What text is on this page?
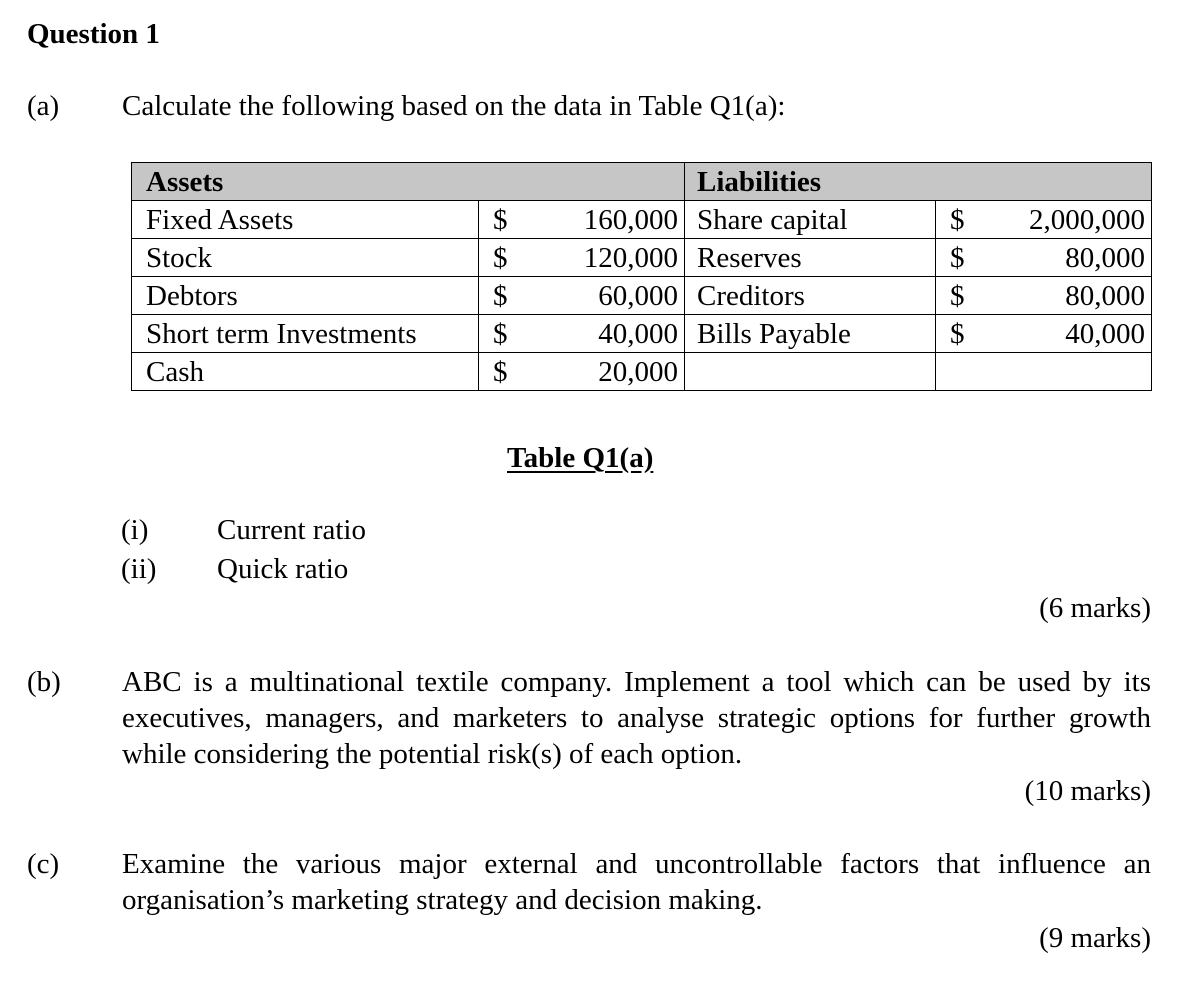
Question 1
(a) Calculate the following based on the data in Table Q1(a):
Assets		Liabilities	
Fixed Assets	$ 160,000	Share capital	$ 2,000,000

Stock	$ 120,000	Reserves	$ 80,000

Debtors	$ 60,000	Creditors	$ 80,000

Short term Investments	$ 40,000	Bills Payable	$ 40,000

Cash	$ 20,000		

Table Q1(a)
(i) Current ratio
(ii) Quick ratio
(6 marks)
(b) ABC is a multinational textile company. Implement a tool which can be used by its executives, managers, and marketers to analyse strategic options for further growth while considering the potential risk(s) of each option.
(10 marks)
(c) Examine the various major external and uncontrollable factors that influence an organisation’s marketing strategy and decision making.
(9 marks)
